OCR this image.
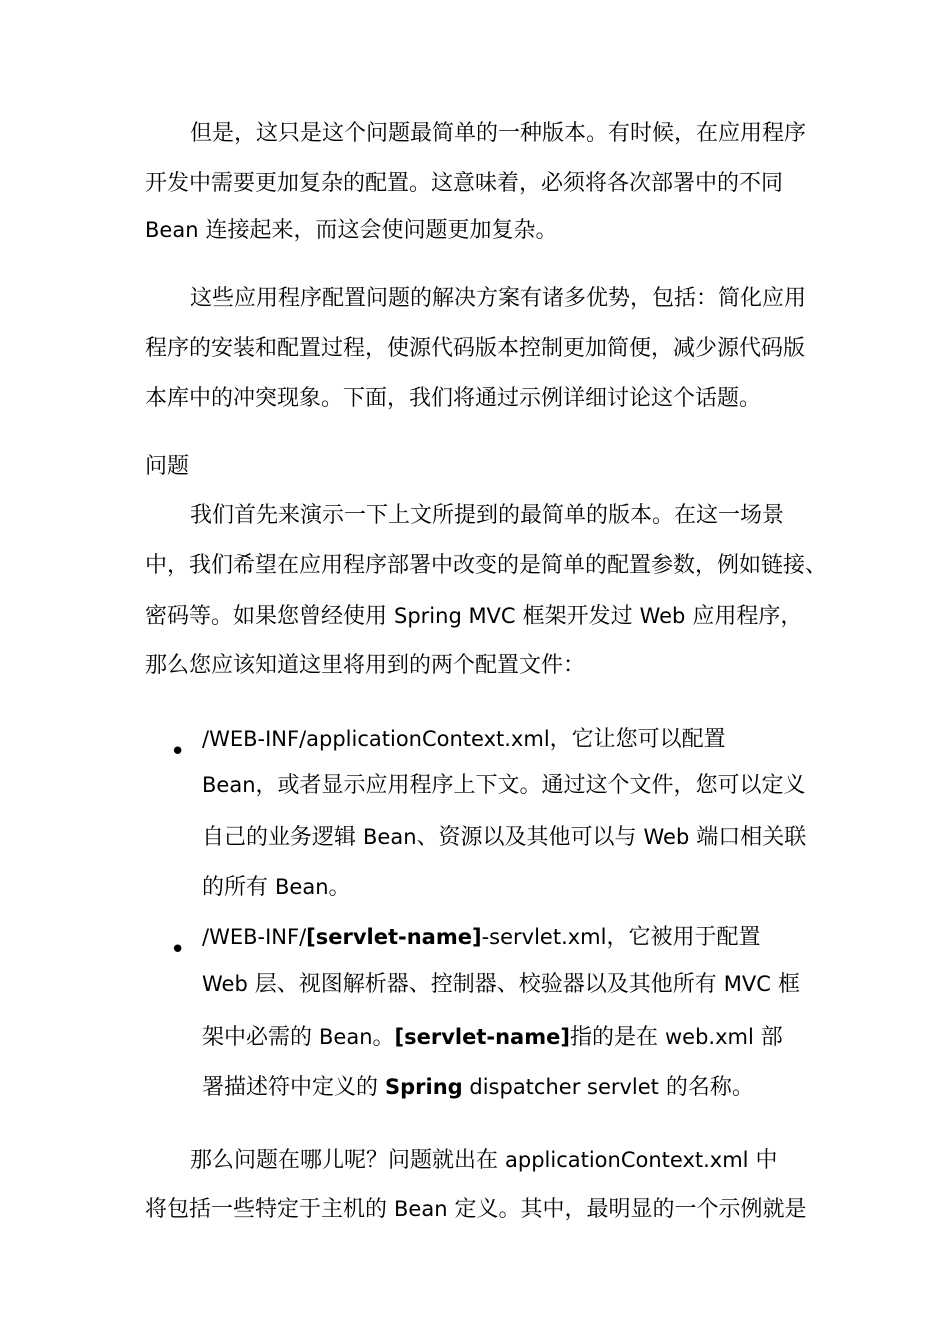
但是，这只是这个问题最简单的一种版本。有时候，在应用程序
开发中需要更加复杂的配置。这意味着，必须将各次部署中的不同
Bean 连接起来，而这会使问题更加复杂。
这些应用程序配置问题的解决方案有诸多优势，包括：简化应用
程序的安装和配置过程，使源代码版本控制更加简便，减少源代码版
本库中的冲突现象。下面，我们将通过示例详细讨论这个话题。
问题
我们首先来演示一下上文所提到的最简单的版本。在这一场景
中，我们希望在应用程序部署中改变的是简单的配置参数，例如链接、
密码等。如果您曾经使用 Spring MVC 框架开发过 Web 应用程序，
那么您应该知道这里将用到的两个配置文件：
• /WEB-INF/applicationContext.xml，它让您可以配置
Bean，或者显示应用程序上下文。通过这个文件，您可以定义
自己的业务逻辑 Bean、资源以及其他可以与 Web 端口相关联
的所有 Bean。
• /WEB-INF/[servlet-name]-servlet.xml，它被用于配置
Web 层、视图解析器、控制器、校验器以及其他所有 MVC 框
架中必需的 Bean。[servlet-name]指的是在 web.xml 部
署描述符中定义的 Spring dispatcher servlet 的名称。
那么问题在哪儿呢？问题就出在 applicationContext.xml 中
将包括一些特定于主机的 Bean 定义。其中，最明显的一个示例就是
